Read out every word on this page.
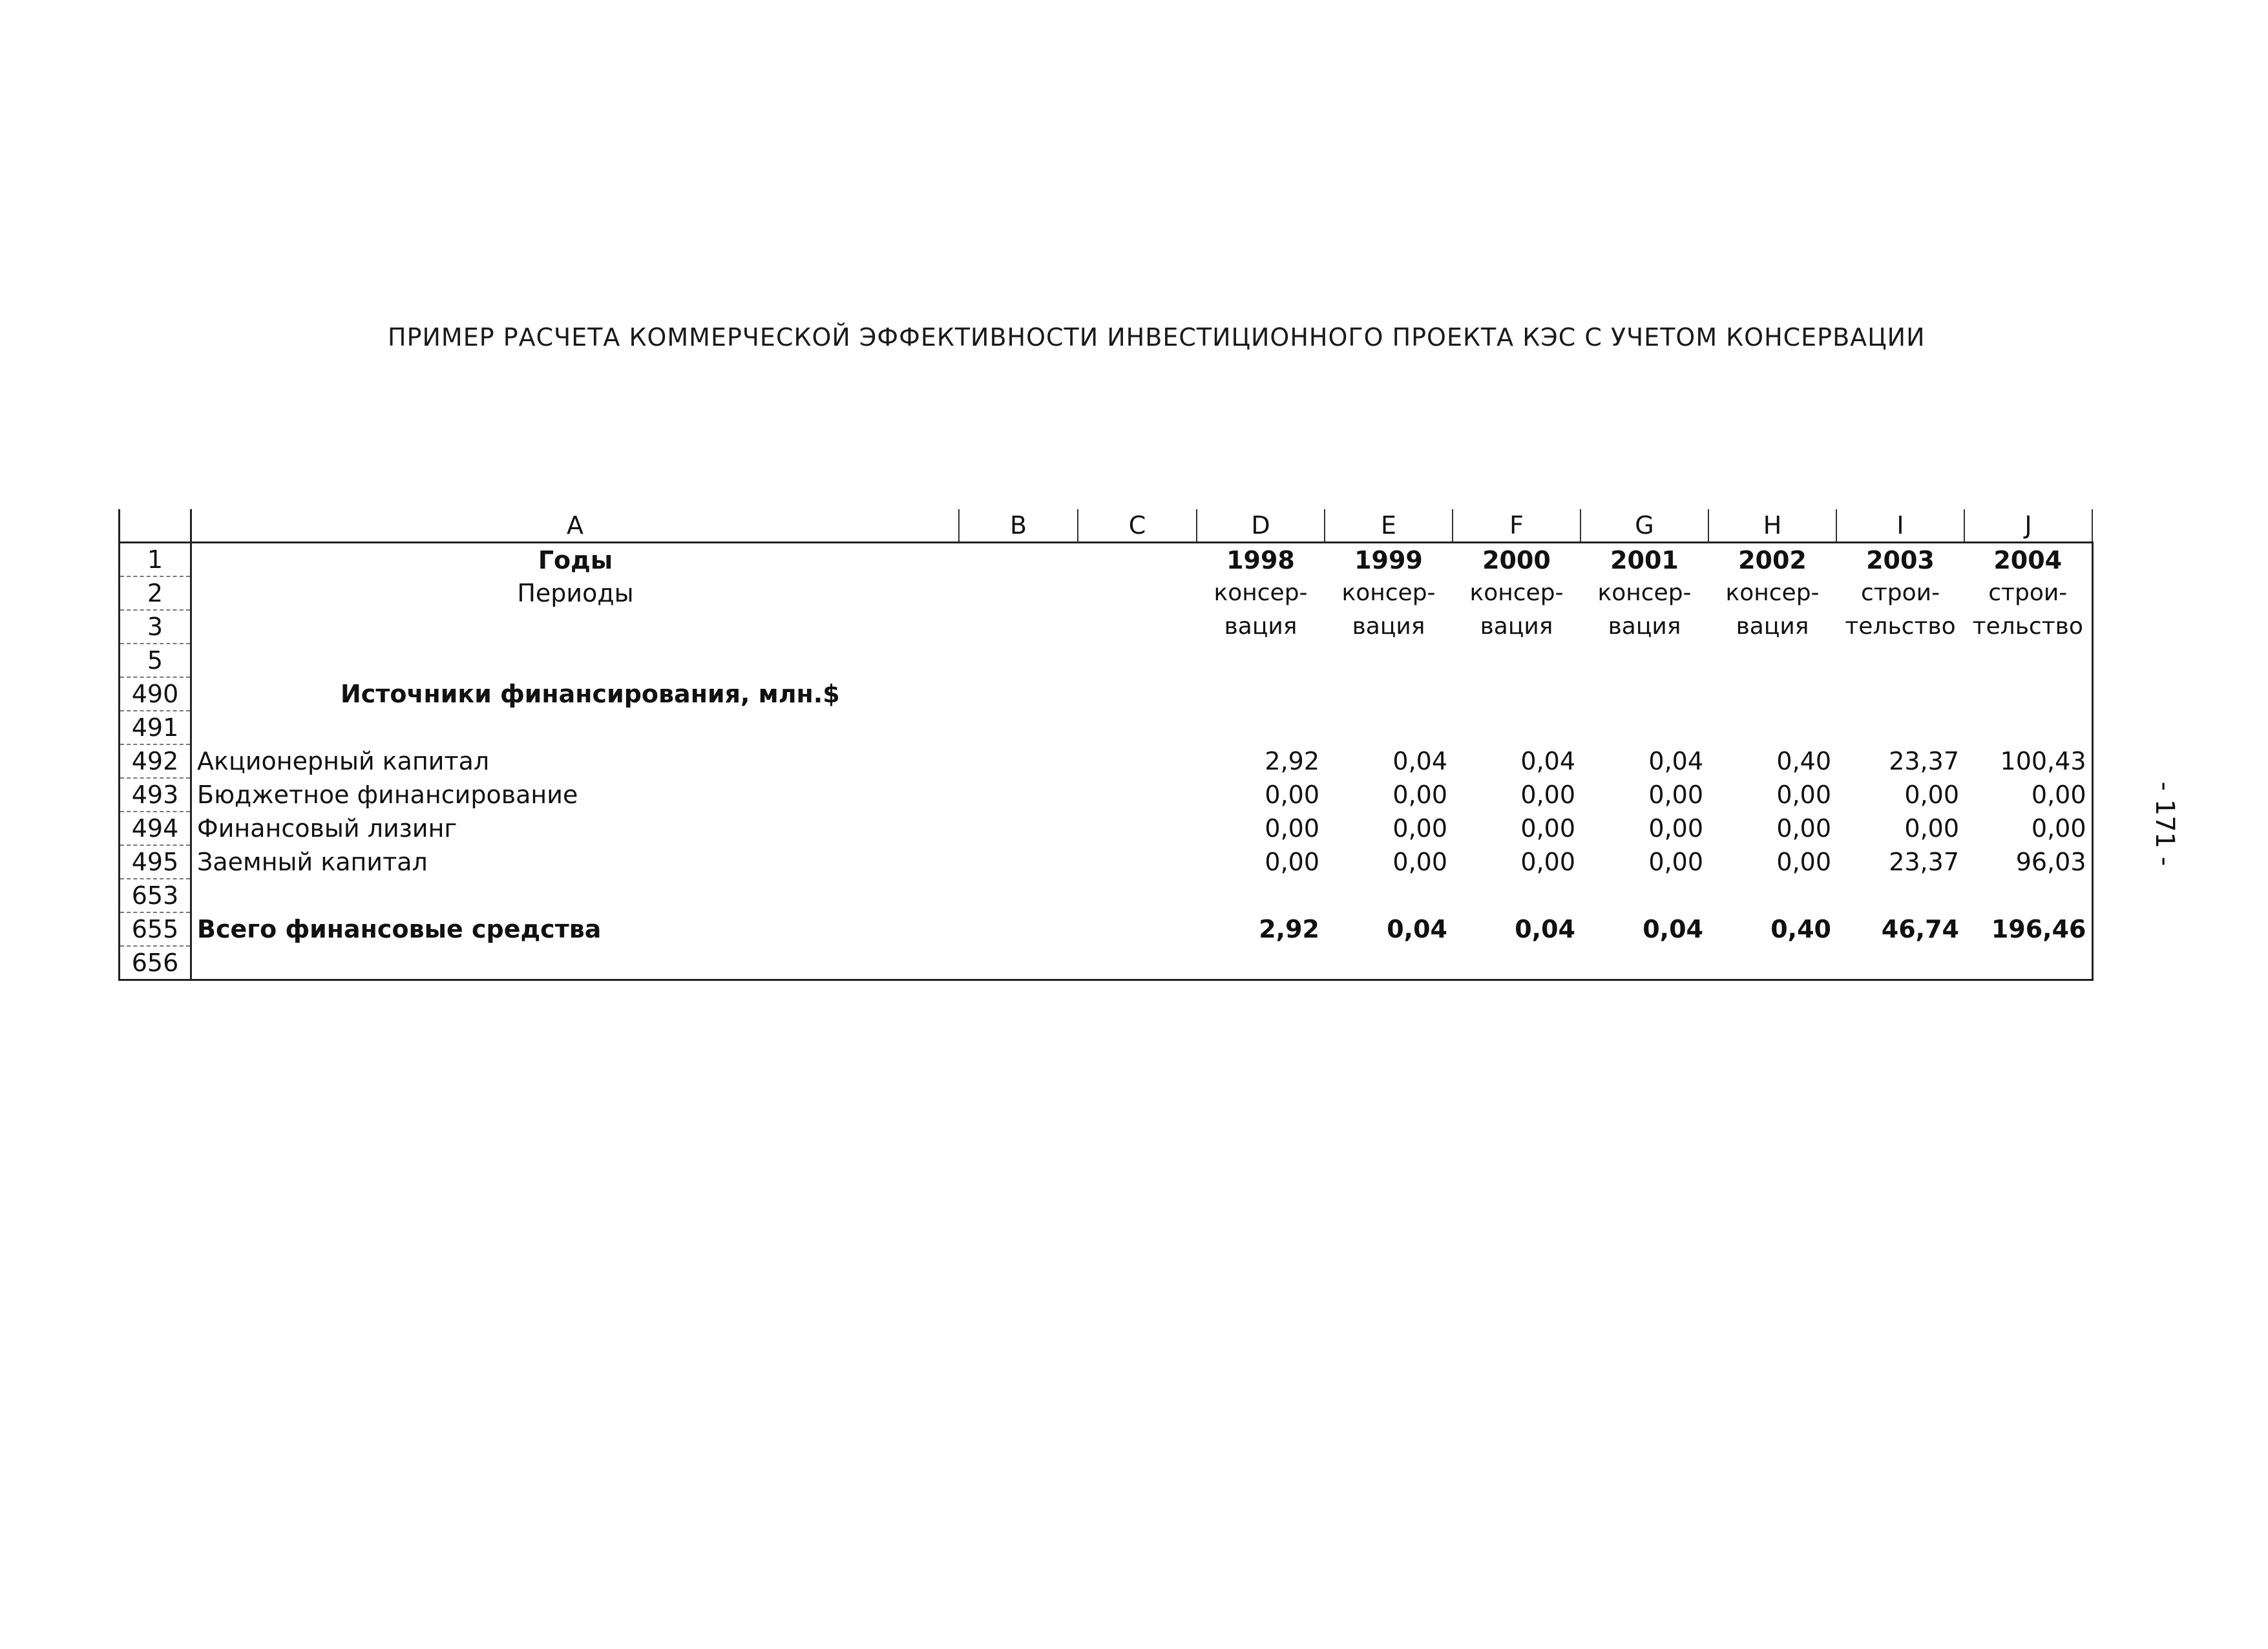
ПРИМЕР РАСЧЕТА КОММЕРЧЕСКОЙ ЭФФЕКТИВНОСТИ ИНВЕСТИЦИОННОГО ПРОЕКТА КЭС С УЧЕТОМ КОНСЕРВАЦИИ
- 171 -
	A	B	C	D	E	F	G	H	I	J
1	Годы			1998	1999	2000	2001	2002	2003	2004
2	Периоды			консер-	консер-	консер-	консер-	консер-	строи-	строи-
3				вация	вация	вация	вация	вация	тельство	тельство
5										
490	Источники финансирования, млн.$									
491										
492	Акционерный капитал			2,92	0,04	0,04	0,04	0,40	23,37	100,43
493	Бюджетное финансирование			0,00	0,00	0,00	0,00	0,00	0,00	0,00
494	Финансовый лизинг			0,00	0,00	0,00	0,00	0,00	0,00	0,00
495	Заемный капитал			0,00	0,00	0,00	0,00	0,00	23,37	96,03
653										
655	Всего финансовые средства			2,92	0,04	0,04	0,04	0,40	46,74	196,46
656										
